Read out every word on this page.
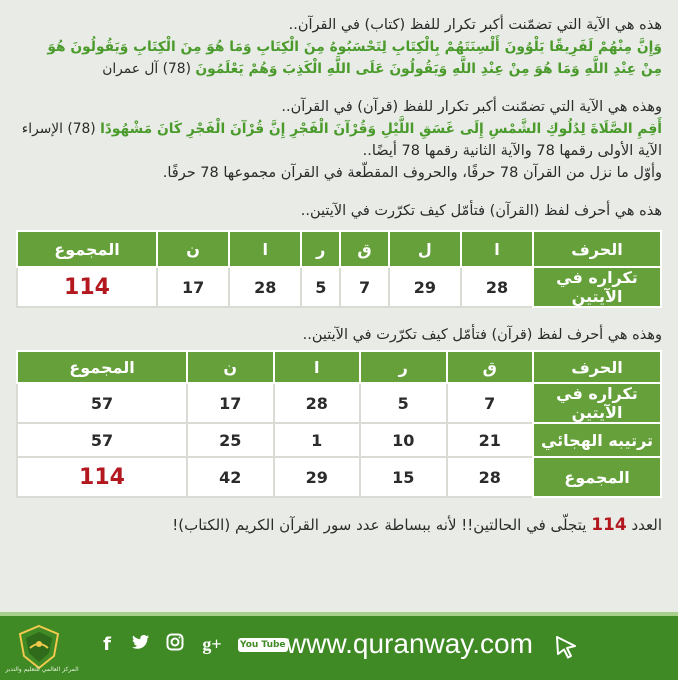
هذه هي الآية التي تضمّنت أكبر تكرار للفظ (كتاب) في القرآن..
وَإِنَّ مِنْهُمْ لَفَرِيقًا يَلْوُونَ أَلْسِنَتَهُمْ بِالْكِتَابِ لِتَحْسَبُوهُ مِنَ الْكِتَابِ وَمَا هُوَ مِنَ الْكِتَابِ وَيَقُولُونَ هُوَ
مِنْ عِنْدِ اللَّهِ وَمَا هُوَ مِنْ عِنْدِ اللَّهِ وَيَقُولُونَ عَلَى اللَّهِ الْكَذِبَ وَهُمْ يَعْلَمُونَ (78) آل عمران
وهذه هي الآية التي تضمّنت أكبر تكرار للفظ (قرآن) في القرآن..
أَقِمِ الصَّلَاةَ لِدُلُوكِ الشَّمْسِ إِلَى غَسَقِ اللَّيْلِ وَقُرْآنَ الْفَجْرِ إِنَّ قُرْآنَ الْفَجْرِ كَانَ مَشْهُودًا (78) الإسراء
الآية الأولى رقمها 78 والآية الثانية رقمها 78 أيضًا..
وأوّل ما نزل من القرآن 78 حرفًا، والحروف المقطّعة في القرآن مجموعها 78 حرفًا.
هذه هي أحرف لفظ (القرآن) فتأمّل كيف تكرّرت في الآيتين..
الحرف	ا	ل	ق	ر	ا	ن	المجموع
تكراره في الآيتين	28	29	7	5	28	17	114
وهذه هي أحرف لفظ (قرآن) فتأمّل كيف تكرّرت في الآيتين..
الحرف	ق	ر	ا	ن	المجموع
تكراره في الآيتين	7	5	28	17	57
ترتيبه الهجائي	21	10	1	25	57
المجموع	28	15	29	42	114
العدد 114 يتجلّى في الحالتين!! لأنه ببساطة عدد سور القرآن الكريم (الكتاب)!
المركز العالمي للتعليم والتدبر
f	g+	You Tube www.quranway.com
